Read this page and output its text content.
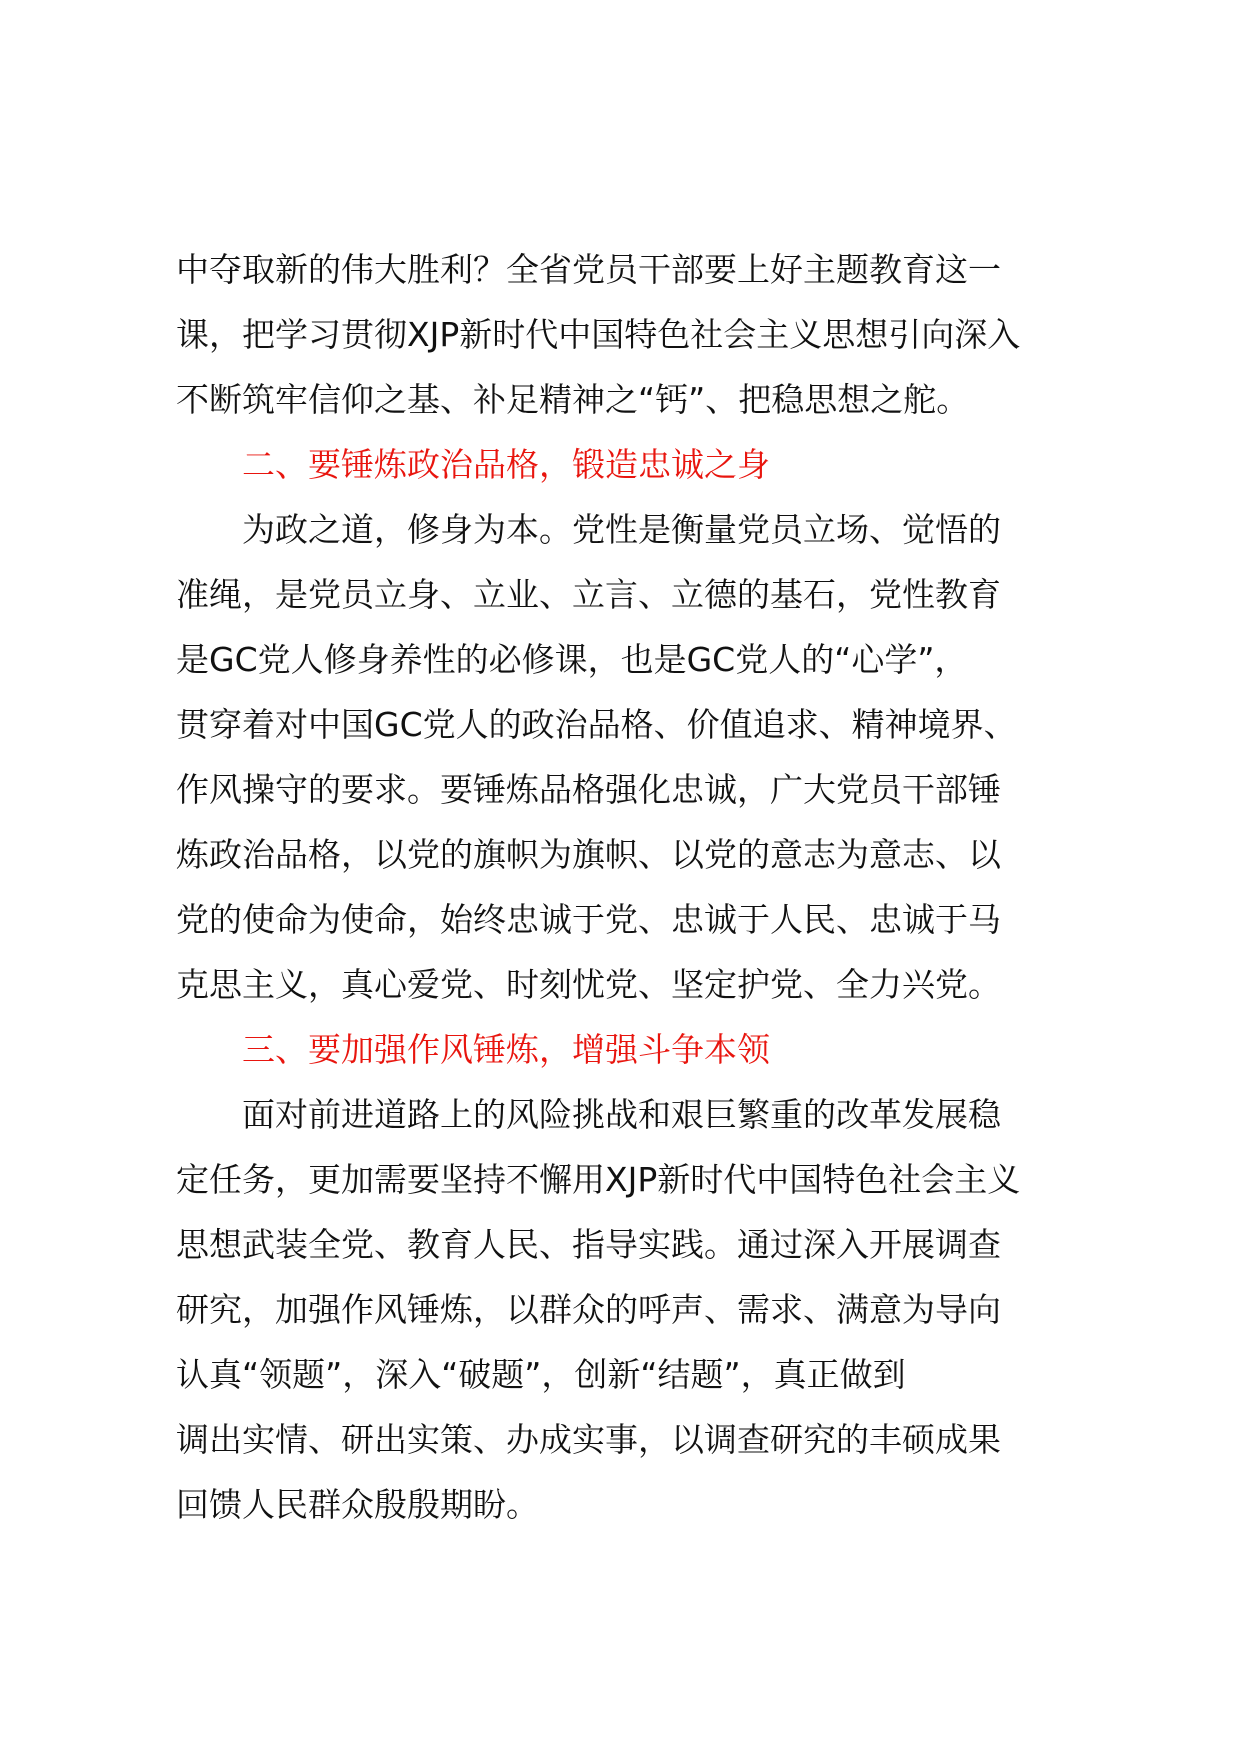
中夺取新的伟大胜利？全省党员干部要上好主题教育这一
课，把学习贯彻XJP新时代中国特色社会主义思想引向深入
不断筑牢信仰之基、补足精神之“钙”、把稳思想之舵。
二、要锤炼政治品格，锻造忠诚之身
为政之道，修身为本。党性是衡量党员立场、觉悟的
准绳，是党员立身、立业、立言、立德的基石，党性教育
是GC党人修身养性的必修课，也是GC党人的“心学”，
贯穿着对中国GC党人的政治品格、价值追求、精神境界、
作风操守的要求。要锤炼品格强化忠诚，广大党员干部锤
炼政治品格，以党的旗帜为旗帜、以党的意志为意志、以
党的使命为使命，始终忠诚于党、忠诚于人民、忠诚于马
克思主义，真心爱党、时刻忧党、坚定护党、全力兴党。
三、要加强作风锤炼，增强斗争本领
面对前进道路上的风险挑战和艰巨繁重的改革发展稳
定任务，更加需要坚持不懈用XJP新时代中国特色社会主义
思想武装全党、教育人民、指导实践。通过深入开展调查
研究，加强作风锤炼，以群众的呼声、需求、满意为导向
认真“领题”，深入“破题”，创新“结题”，真正做到
调出实情、研出实策、办成实事，以调查研究的丰硕成果
回馈人民群众殷殷期盼。
